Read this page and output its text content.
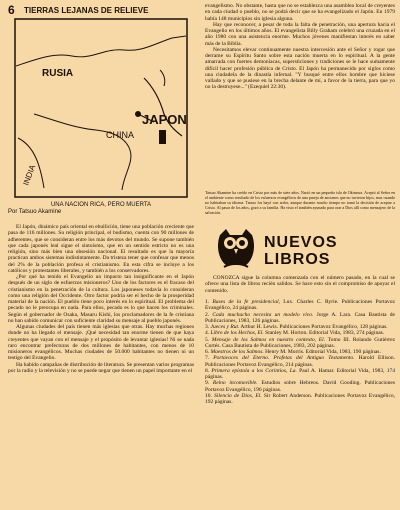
6 TIERRAS LEJANAS DE RELIEVE
RUSIA
CHINA
JAPON
INDIA
UNA NACION RICA, PERO MUERTA
Por Tatsuo Akamine

El Japón, dinámico país oriental en ebullición, tiene una población creciente que pasa de 116 millones. Su religión principal, el budismo, cuenta con 90 millones de adherentes, que se consideran entre los más devotos del mundo. Se supone también que cada japonés leal sigue el sintoísmo, que en un sentido estricto no es una religión, sino más bien una obsesión nacional. El resultado es que la mayoría practican ambos sistemas indistintamente. Da tristeza tener que confesar que menos del 2% de la población profesa el cristianismo. En esta cifra se incluye a los católicos y protestantes liberales, y también a los conservadores.

¿Por qué ha tenido el Evangelio un impacto tan insignificante en el Japón después de un siglo de esfuerzos misioneros? Uno de los factores es el fracaso del cristianismo en la penetración de la cultura. Los japoneses todavía lo consideran como una religión del Occidente. Otro factor podría ser el hecho de la prosperidad material de la nación. El pueblo tiene poco interés en lo espiritual. El problema del pecado no le preocupa en nada. Para ellos, pecado es lo que hacen los criminales. Según el gobernador de Osaka, Masaru Kishi, los proclamadores de la fe cristiana no han sabido comunicar con suficiente claridad su mensaje al pueblo japonés.

Algunas ciudades del país tienen más iglesias que otras. Hay muchas regiones donde no ha llegado el mensaje. ¡Qué necesidad tan enorme tienen de que haya creyentes que vayan con el mensaje y el propósito de levantar iglesias! Ni se nada raro encontrar prefecturas de dos millones de habitantes, con menos de 10 misioneros evangélicos. Muchas ciudades de 50.000 habitantes no tienen ni un testigo del Evangelio.

Ha habido campañas de distribución de literatura. Se presentan varios programas por la radio y la televisión y no se puede negar que tienen un papel importante en el

evangelismo. No obstante, hasta que no se establezca una asamblea local de creyentes en cada ciudad o pueblo, no se podrá decir que se ha evangelizado el Japón. En 1979 había 148 municipios sin iglesia alguna.

Hay que reconocer, a pesar de toda la falta de penetración, una apertura hacia el Evangelio en los últimos años. El evangelista Billy Graham celebró una cruzada en el año 1980 con una asistencia enorme. Muchos jóvenes manifiestan interés en saber más de la Biblia.

Necesitamos elevar continuamente nuestra intercesión ante el Señor y rogar que derrame su Espíritu Santo sobre esta nación muerta en lo espiritual. A la gente amarrada con fuertes demoníacas, supersticiones y tradiciones se le hace sumamente difícil hacer profesión pública de Cristo. El Japón ha permanecido por siglos como una ciudadela de la dinastía infernal. "Y busqué entre ellos hombre que hiciese vallado y que se pusiese en la brecha delante de mí, a favor de la tierra, para que yo no la destruyese..." (Ezequiel 22:30).

Tatsuo Akamine ha creído en Cristo por más de siete años. Nació en un pequeño isla de Okinawa. Aceptó al Señor en el ambiente como resultado de los esfuerzos evangélicos de una pareja de ancianos que no tuvieron hijos, mas cuando no habitaban su idioma. Tatsuo los hayó con ardor, aunque durante mucho tiempo no tomó la decisión de aceptar a Cristo. Al pasar de los años, gozó a su familia. Ha visto el también ayunado para orar a Dios allí como mensajero de la salvación.
NUEVOS
LIBROS

CONOZCA sigue la columna comenzada con el número pasado, en la cual se ofrece una lista de libros recién salidos. Se hace esto sin el compromiso de apoyar el contenido.

1. Bases de la fe presidencial, Lux. Charles C. Ryrie. Publicaciones Portavoz Evangélico, 24 páginas.

2. Cada muchacho necesita un modelo vivo. Jorge A. Lara. Casa Bautista de Publicaciones, 1983, 126 páginas.

3. Jueces y Rut. Arthur H. Lewis. Publicaciones Portavoz Evangélico, 128 páginas.

4. Libro de los Hechos, El. Stanley M. Horton. Editorial Vida, 1983, 274 páginas.

5. Mensaje de los Salmos en nuestro contexto, El. Tomo III. Rolando Gutiérrez Cortés. Casa Bautista de Publicaciones, 1983, 202 páginas.

6. Maestros de los Salmos. Henry M. Morris. Editorial Vida, 1983, 190 páginas.

7. Portavoces del Eterno. Profetas del Antiguo Testamento. Harold Ellison. Publicaciones Portavoz Evangélico, 214 páginas.

8. Primera epístola a los Corintios, La. Paul A. Hamar. Editorial Vida, 1983, 174 páginas.

9. Reino incomovible. Estudios sobre Hebreos. David Gooding. Publicaciones Portavoz Evangélico, 196 páginas.

10. Silencio de Dios, El. Sir Robert Anderson. Publicaciones Portavoz Evangélico, 192 páginas.
